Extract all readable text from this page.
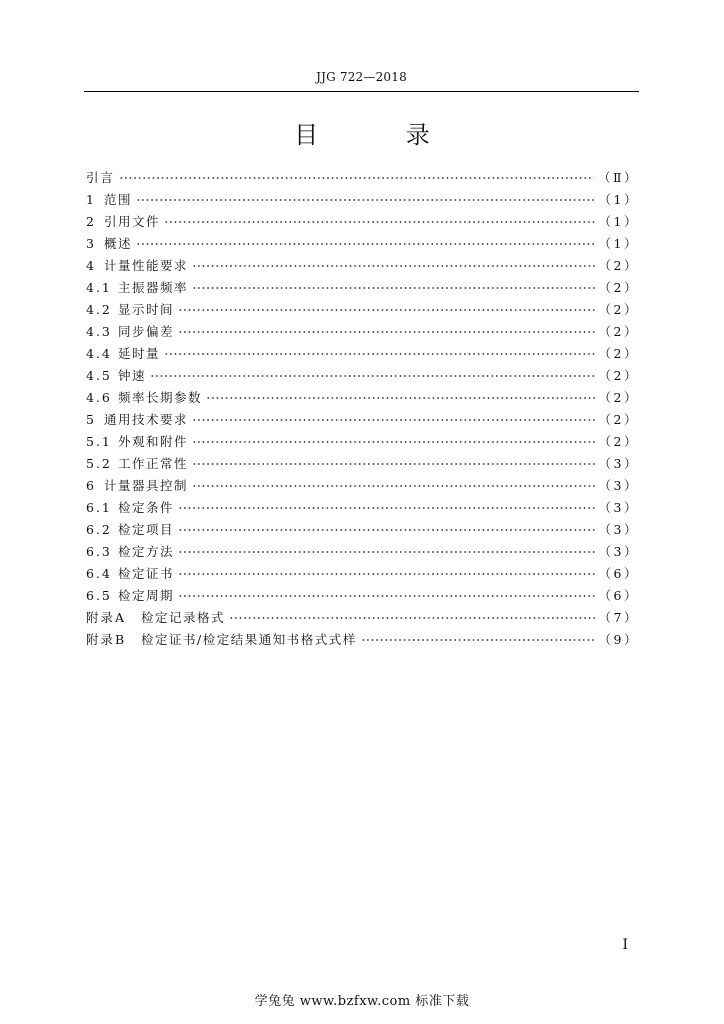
JJG 722—2018
目 录
引言	（Ⅱ）
1 范围	（1）
2 引用文件	（1）
3 概述	（1）
4 计量性能要求	（2）
4.1 主振器频率	（2）
4.2 显示时间	（2）
4.3 同步偏差	（2）
4.4 延时量	（2）
4.5 钟速	（2）
4.6 频率长期参数	（2）
5 通用技术要求	（2）
5.1 外观和附件	（2）
5.2 工作正常性	（3）
6 计量器具控制	（3）
6.1 检定条件	（3）
6.2 检定项目	（3）
6.3 检定方法	（3）
6.4 检定证书	（6）
6.5 检定周期	（6）
附录A	检定记录格式	（7）
附录B	检定证书/检定结果通知书格式式样	（9）
I
学兔兔 www.bzfxw.com 标准下载
